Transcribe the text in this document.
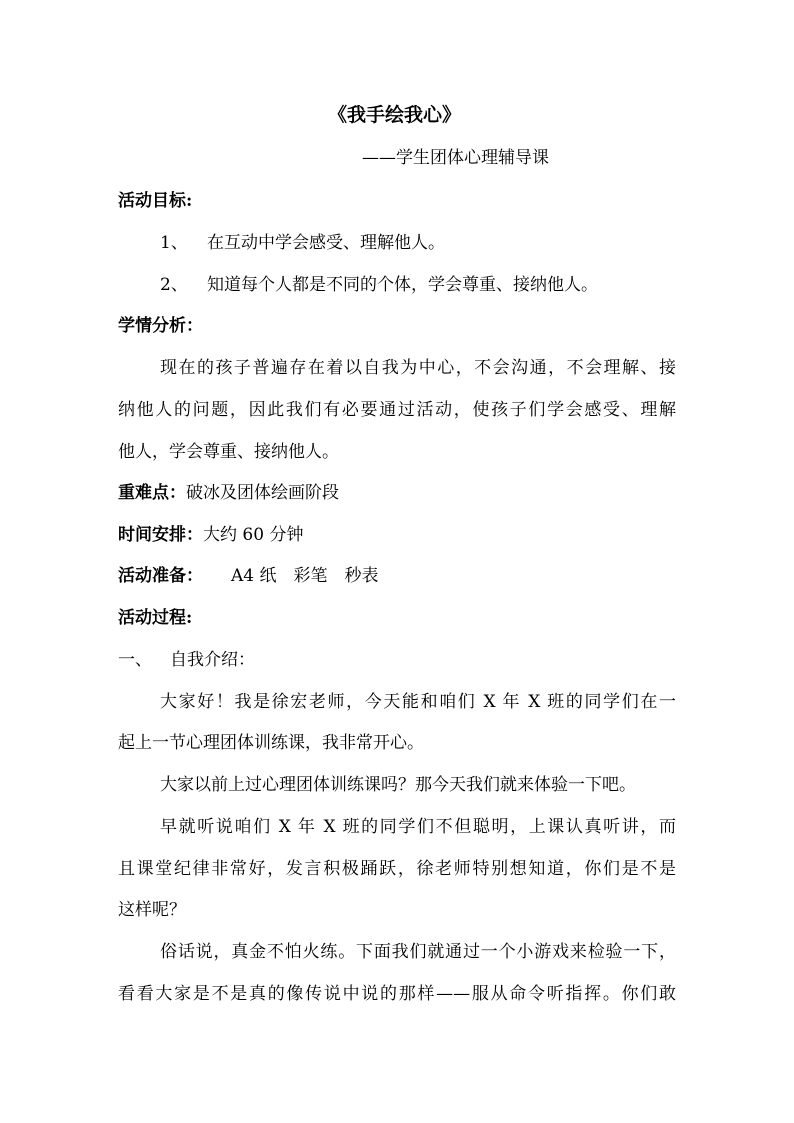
《我手绘我心》
——学生团体心理辅导课
活动目标:
1、 在互动中学会感受、理解他人。
2、 知道每个人都是不同的个体，学会尊重、接纳他人。
学情分析：
现在的孩子普遍存在着以自我为中心，不会沟通，不会理解、接
纳他人的问题，因此我们有必要通过活动，使孩子们学会感受、理解
他人，学会尊重、接纳他人。
重难点： 破冰及团体绘画阶段
时间安排： 大约 60 分钟
活动准备： A4 纸　彩笔　秒表
活动过程:
一、 自我介绍：
大家好！我是徐宏老师，今天能和咱们 X 年 X 班的同学们在一
起上一节心理团体训练课，我非常开心。
大家以前上过心理团体训练课吗？那今天我们就来体验一下吧。
早就听说咱们 X 年 X 班的同学们不但聪明，上课认真听讲，而
且课堂纪律非常好，发言积极踊跃，徐老师特别想知道，你们是不是
这样呢？
俗话说，真金不怕火练。下面我们就通过一个小游戏来检验一下，
看看大家是不是真的像传说中说的那样——服从命令听指挥。你们敢
